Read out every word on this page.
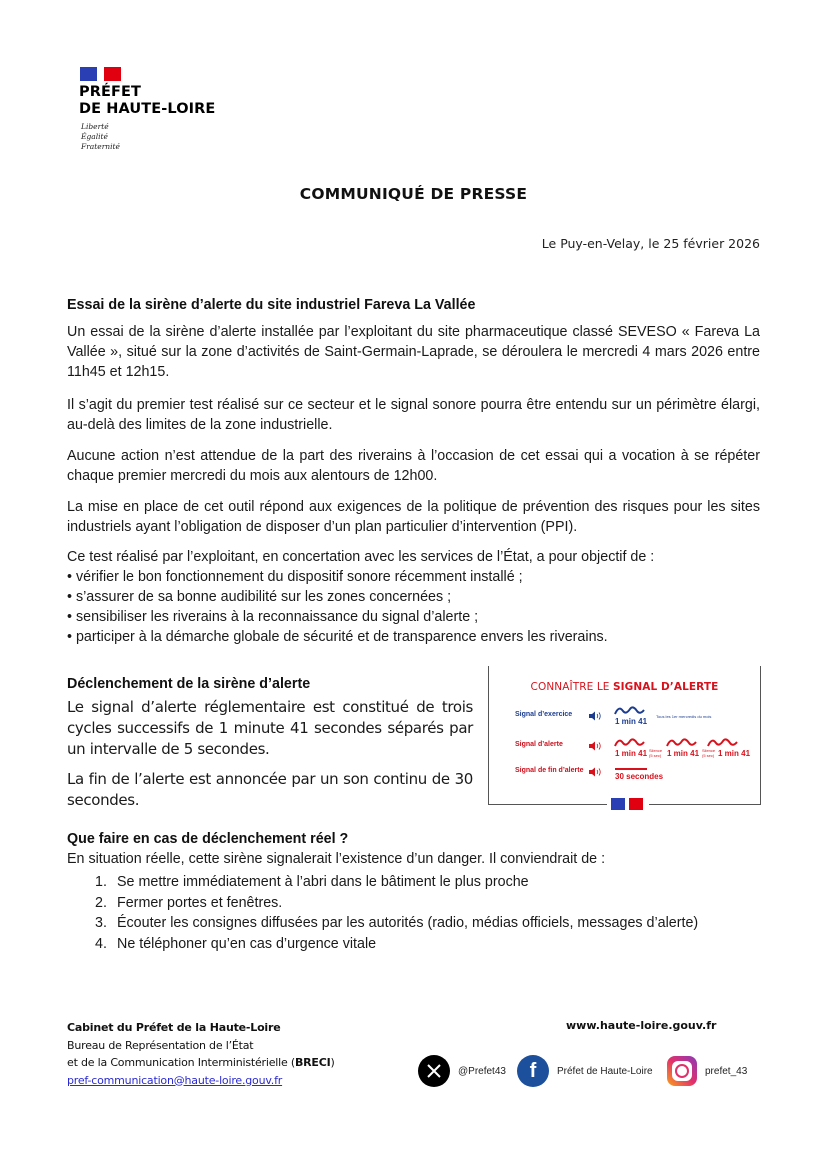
PRÉFET
DE HAUTE-LOIRE
Liberté
Égalité
Fraternité
COMMUNIQUÉ DE PRESSE
Le Puy-en-Velay, le 25 février 2026
Essai de la sirène d’alerte du site industriel Fareva La Vallée
Un essai de la sirène d’alerte installée par l’exploitant du site pharmaceutique classé SEVESO « Fareva La Vallée », situé sur la zone d’activités de Saint-Germain-Laprade, se déroulera le mercredi 4 mars 2026 entre 11h45 et 12h15.
Il s’agit du premier test réalisé sur ce secteur et le signal sonore pourra être entendu sur un périmètre élargi, au-delà des limites de la zone industrielle.
Aucune action n’est attendue de la part des riverains à l’occasion de cet essai qui a vocation à se répéter chaque premier mercredi du mois aux alentours de 12h00.
La mise en place de cet outil répond aux exigences de la politique de prévention des risques pour les sites industriels ayant l’obligation de disposer d’un plan particulier d’intervention (PPI).
Ce test réalisé par l’exploitant, en concertation avec les services de l’État, a pour objectif de :
• vérifier le bon fonctionnement du dispositif sonore récemment installé ;
• s’assurer de sa bonne audibilité sur les zones concernées ;
• sensibiliser les riverains à la reconnaissance du signal d’alerte ;
• participer à la démarche globale de sécurité et de transparence envers les riverains.
Déclenchement de la sirène d’alerte
Le signal d’alerte réglementaire est constitué de trois cycles successifs de 1 minute 41 secondes séparés par un intervalle de 5 secondes.
La fin de l’alerte est annoncée par un son continu de 30 secondes.
CONNAÎTRE LE SIGNAL D’ALERTE
Signal d’exercice
1 min 41
Tous les 1er mercredis du mois
Signal d’alerte
1 min 41 Silence (5 sec) 1 min 41 Silence (5 sec) 1 min 41
Signal de fin d’alerte
30 secondes
Que faire en cas de déclenchement réel ?
En situation réelle, cette sirène signalerait l’existence d’un danger. Il conviendrait de :
1. Se mettre immédiatement à l’abri dans le bâtiment le plus proche
2. Fermer portes et fenêtres.
3. Écouter les consignes diffusées par les autorités (radio, médias officiels, messages d’alerte)
4. Ne téléphoner qu’en cas d’urgence vitale
Cabinet du Préfet de la Haute-Loire
Bureau de Représentation de l’État
et de la Communication Interministérielle (BRECI)
pref-communication@haute-loire.gouv.fr
www.haute-loire.gouv.fr
@Prefet43 f Préfet de Haute-Loire	prefet_43
